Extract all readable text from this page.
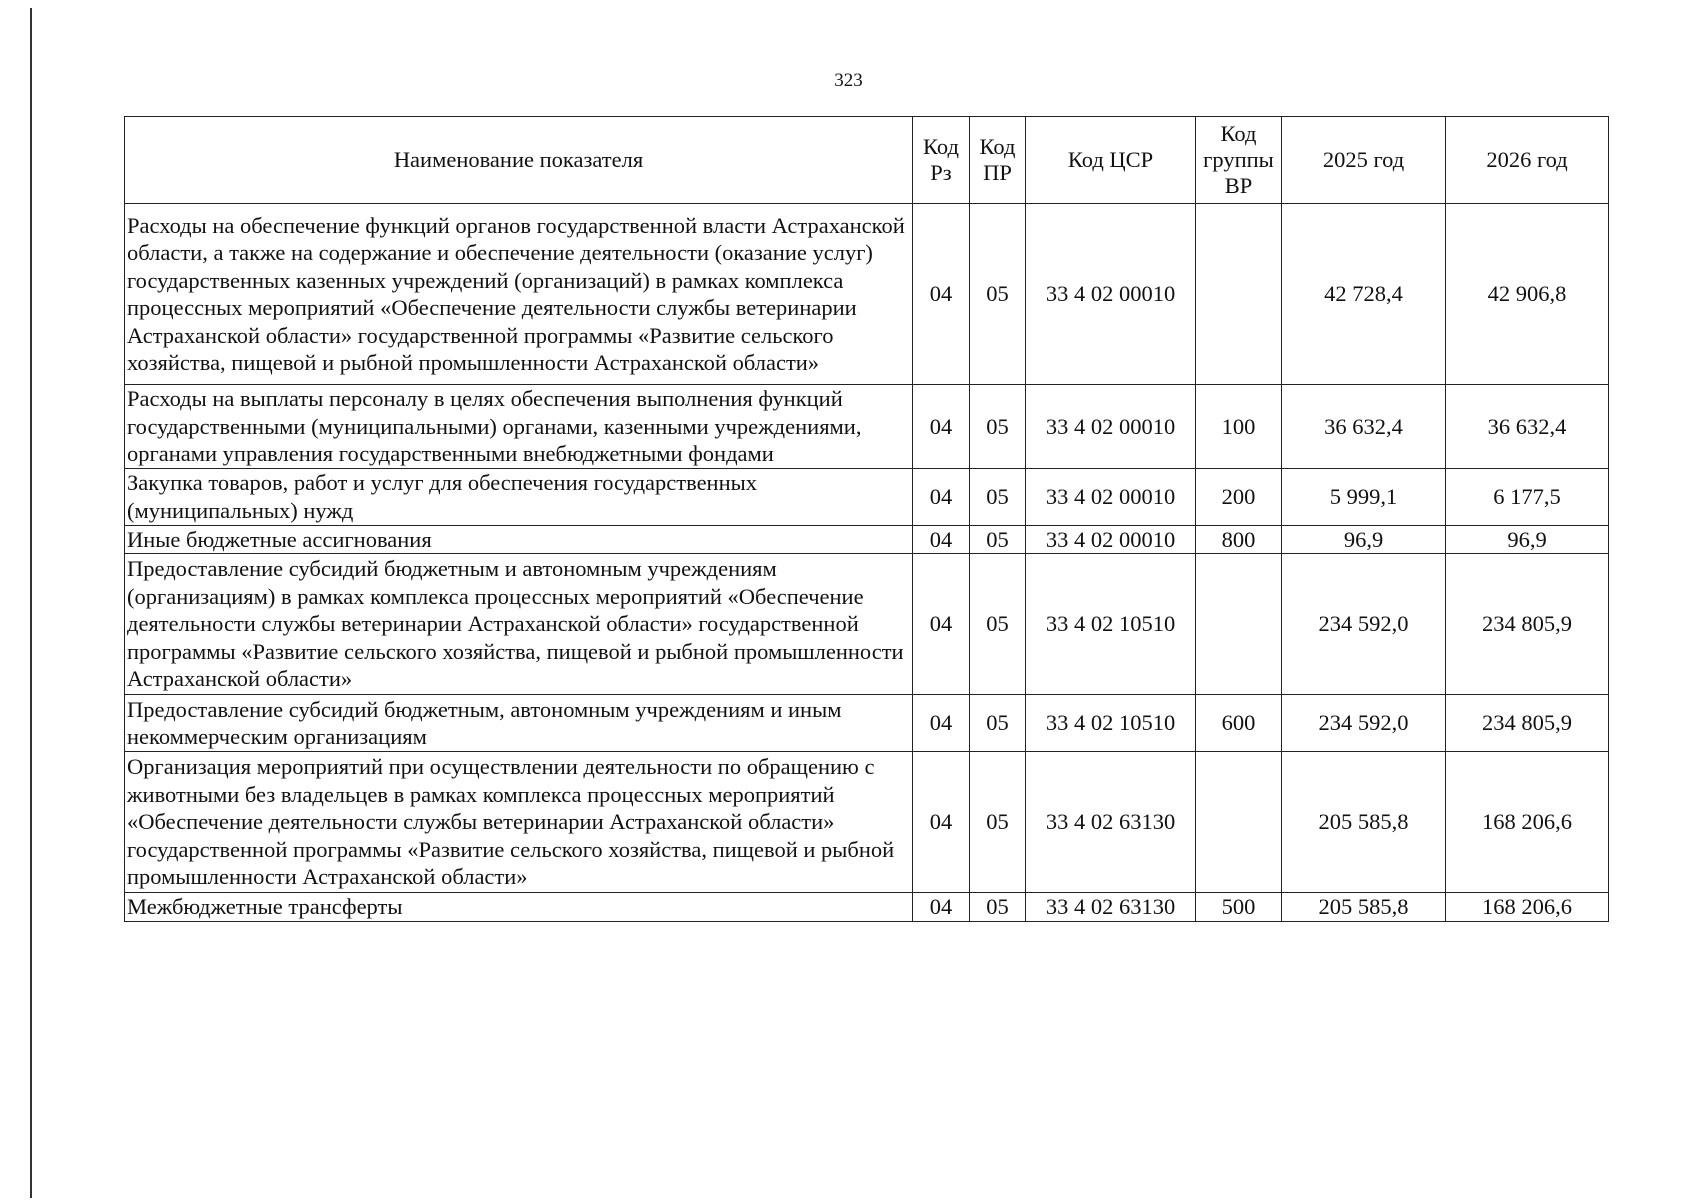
323
Наименование показателя	Код Рз	Код ПР	Код ЦСР	Код группы ВР	2025 год	2026 год
Расходы на обеспечение функций органов государственной власти Астраханской области, а также на содержание и обеспечение деятельности (оказание услуг) государственных казенных учреждений (организаций) в рамках комплекса процессных мероприятий «Обеспечение деятельности службы ветеринарии Астраханской области» государственной программы «Развитие сельского хозяйства, пищевой и рыбной промышленности Астраханской области»	04	05	33 4 02 00010		42 728,4	42 906,8
Расходы на выплаты персоналу в целях обеспечения выполнения функций государственными (муниципальными) органами, казенными учреждениями, органами управления государственными внебюджетными фондами	04	05	33 4 02 00010	100	36 632,4	36 632,4
Закупка товаров, работ и услуг для обеспечения государственных (муниципальных) нужд	04	05	33 4 02 00010	200	5 999,1	6 177,5
Иные бюджетные ассигнования	04	05	33 4 02 00010	800	96,9	96,9
Предоставление субсидий бюджетным и автономным учреждениям (организациям) в рамках комплекса процессных мероприятий «Обеспечение деятельности службы ветеринарии Астраханской области» государственной программы «Развитие сельского хозяйства, пищевой и рыбной промышленности Астраханской области»	04	05	33 4 02 10510		234 592,0	234 805,9
Предоставление субсидий бюджетным, автономным учреждениям и иным некоммерческим организациям	04	05	33 4 02 10510	600	234 592,0	234 805,9
Организация мероприятий при осуществлении деятельности по обращению с животными без владельцев в рамках комплекса процессных мероприятий «Обеспечение деятельности службы ветеринарии Астраханской области» государственной программы «Развитие сельского хозяйства, пищевой и рыбной промышленности Астраханской области»	04	05	33 4 02 63130		205 585,8	168 206,6
Межбюджетные трансферты	04	05	33 4 02 63130	500	205 585,8	168 206,6
